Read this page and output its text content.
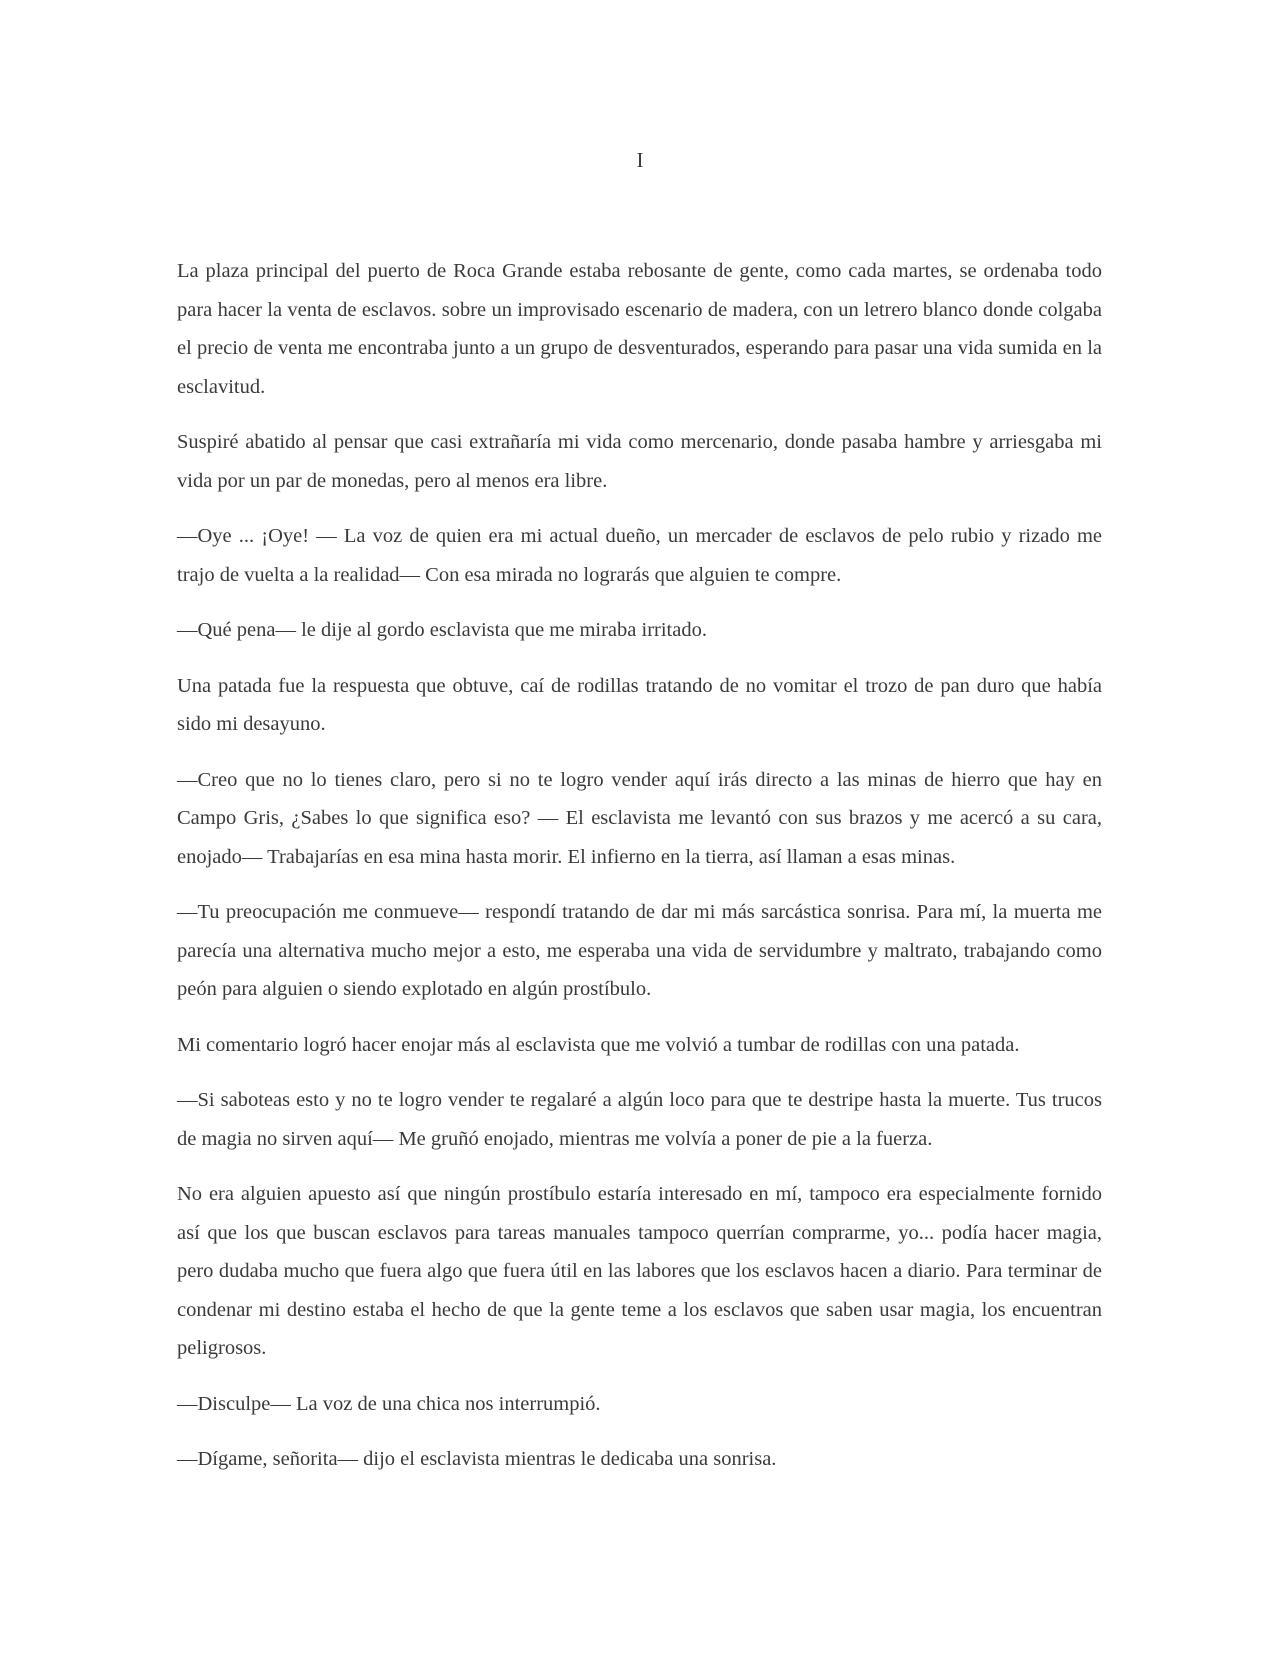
I

La plaza principal del puerto de Roca Grande estaba rebosante de gente, como cada martes, se ordenaba todo para hacer la venta de esclavos. sobre un improvisado escenario de madera, con un letrero blanco donde colgaba el precio de venta me encontraba junto a un grupo de desventurados, esperando para pasar una vida sumida en la esclavitud.

Suspiré abatido al pensar que casi extrañaría mi vida como mercenario, donde pasaba hambre y arriesgaba mi vida por un par de monedas, pero al menos era libre.

—Oye ... ¡Oye! — La voz de quien era mi actual dueño, un mercader de esclavos de pelo rubio y rizado me trajo de vuelta a la realidad— Con esa mirada no lograrás que alguien te compre.

—Qué pena— le dije al gordo esclavista que me miraba irritado.

Una patada fue la respuesta que obtuve, caí de rodillas tratando de no vomitar el trozo de pan duro que había sido mi desayuno.

—Creo que no lo tienes claro, pero si no te logro vender aquí irás directo a las minas de hierro que hay en Campo Gris, ¿Sabes lo que significa eso? — El esclavista me levantó con sus brazos y me acercó a su cara, enojado— Trabajarías en esa mina hasta morir. El infierno en la tierra, así llaman a esas minas.

—Tu preocupación me conmueve— respondí tratando de dar mi más sarcástica sonrisa. Para mí, la muerta me parecía una alternativa mucho mejor a esto, me esperaba una vida de servidumbre y maltrato, trabajando como peón para alguien o siendo explotado en algún prostíbulo.

Mi comentario logró hacer enojar más al esclavista que me volvió a tumbar de rodillas con una patada.

—Si saboteas esto y no te logro vender te regalaré a algún loco para que te destripe hasta la muerte. Tus trucos de magia no sirven aquí— Me gruñó enojado, mientras me volvía a poner de pie a la fuerza.

No era alguien apuesto así que ningún prostíbulo estaría interesado en mí, tampoco era especialmente fornido así que los que buscan esclavos para tareas manuales tampoco querrían comprarme, yo... podía hacer magia, pero dudaba mucho que fuera algo que fuera útil en las labores que los esclavos hacen a diario. Para terminar de condenar mi destino estaba el hecho de que la gente teme a los esclavos que saben usar magia, los encuentran peligrosos.

—Disculpe— La voz de una chica nos interrumpió.

—Dígame, señorita— dijo el esclavista mientras le dedicaba una sonrisa.
